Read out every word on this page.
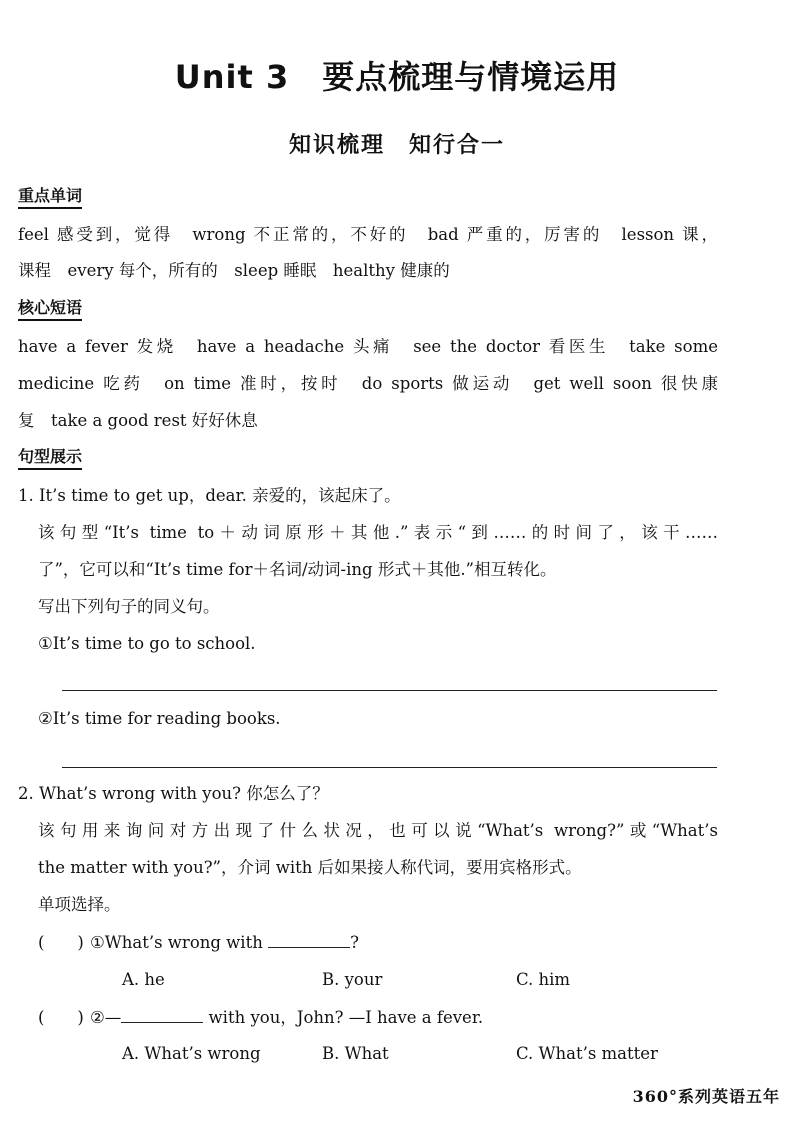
Unit 3　要点梳理与情境运用
知识梳理　知行合一
重点单词
feel 感受到，觉得　wrong 不正常的，不好的　bad 严重的，厉害的　lesson 课，
课程　every 每个，所有的　sleep 睡眠　healthy 健康的
核心短语
have a fever 发烧　have a headache 头痛　see the doctor 看医生　take some
medicine 吃药　on time 准时，按时　do sports 做运动　get well soon 很快康
复　take a good rest 好好休息
句型展示
1. It’s time to get up，dear. 亲爱的，该起床了。
该句型“It’s time to＋动词原形＋其他.”表示“到……的时间了，该干……
了”，它可以和“It’s time for＋名词/动词-ing 形式＋其他.”相互转化。
写出下列句子的同义句。
①It’s time to go to school.
②It’s time for reading books.
2. What’s wrong with you? 你怎么了？
该句用来询问对方出现了什么状况，也可以说“What’s wrong?”或“What’s
the matter with you?”，介词 with 后如果接人称代词，要用宾格形式。
单项选择。
(　　) ①What’s wrong with	?
A. he	B. your	C. him
(　　) ②—	with you，John? —I have a fever.
A. What’s wrong	B. What	C. What’s matter
360°系列英语五年
